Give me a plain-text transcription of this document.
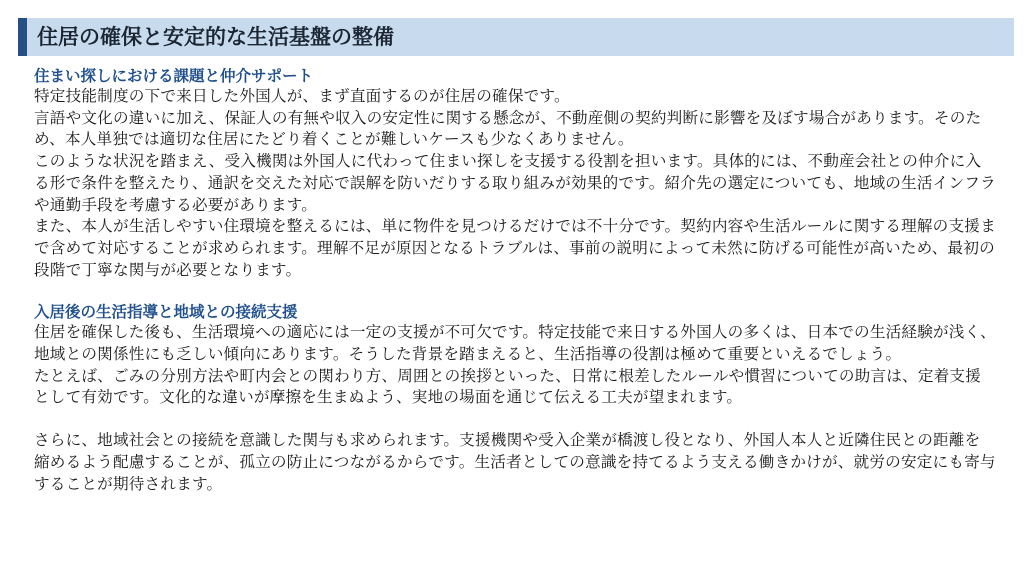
住居の確保と安定的な生活基盤の整備
住まい探しにおける課題と仲介サポート
特定技能制度の下で来日した外国人が、まず直面するのが住居の確保です。
言語や文化の違いに加え、保証人の有無や収入の安定性に関する懸念が、不動産側の契約判断に影響を及ぼす場合があります。そのため、本人単独では適切な住居にたどり着くことが難しいケースも少なくありません。
このような状況を踏まえ、受入機関は外国人に代わって住まい探しを支援する役割を担います。具体的には、不動産会社との仲介に入る形で条件を整えたり、通訳を交えた対応で誤解を防いだりする取り組みが効果的です。紹介先の選定についても、地域の生活インフラや通勤手段を考慮する必要があります。
また、本人が生活しやすい住環境を整えるには、単に物件を見つけるだけでは不十分です。契約内容や生活ルールに関する理解の支援まで含めて対応することが求められます。理解不足が原因となるトラブルは、事前の説明によって未然に防げる可能性が高いため、最初の段階で丁寧な関与が必要となります。
入居後の生活指導と地域との接続支援
住居を確保した後も、生活環境への適応には一定の支援が不可欠です。特定技能で来日する外国人の多くは、日本での生活経験が浅く、地域との関係性にも乏しい傾向にあります。そうした背景を踏まえると、生活指導の役割は極めて重要といえるでしょう。
たとえば、ごみの分別方法や町内会との関わり方、周囲との挨拶といった、日常に根差したルールや慣習についての助言は、定着支援として有効です。文化的な違いが摩擦を生まぬよう、実地の場面を通じて伝える工夫が望まれます。
さらに、地域社会との接続を意識した関与も求められます。支援機関や受入企業が橋渡し役となり、外国人本人と近隣住民との距離を縮めるよう配慮することが、孤立の防止につながるからです。生活者としての意識を持てるよう支える働きかけが、就労の安定にも寄与することが期待されます。
